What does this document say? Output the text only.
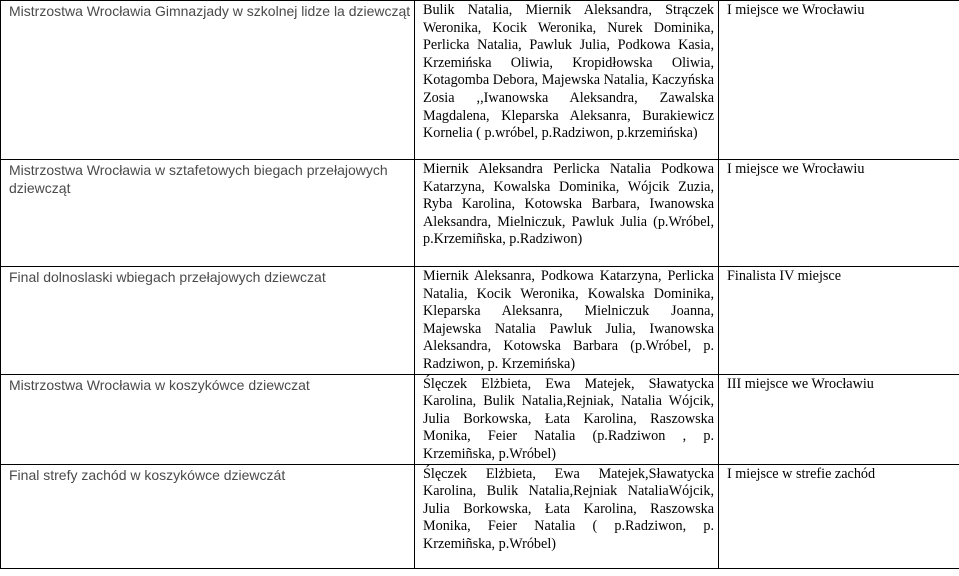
Mistrzostwa Wrocławia Gimnazjady w szkolnej lidze la dziewcząt	Bulik Natalia, Miernik Aleksandra, Strączek Weronika, Kocik Weronika, Nurek Dominika, Perlicka Natalia, Pawluk Julia, Podkowa Kasia, Krzemińska Oliwia, Kropidłowska Oliwia, Kotagomba Debora, Majewska Natalia, Kaczyńska Zosia ,,Iwanowska Aleksandra, Zawalska Magdalena, Kleparska Aleksanra, Burakiewicz Kornelia ( p.wróbel, p.Radziwon, p.krzemińska)	I miejsce we Wrocławiu
Mistrzostwa Wrocławia w sztafetowych biegach przełajowych dziewcząt	Miernik Aleksandra Perlicka Natalia Podkowa Katarzyna, Kowalska Dominika, Wójcik Zuzia, Ryba Karolina, Kotowska Barbara, Iwanowska Aleksandra, Mielniczuk, Pawluk Julia (p.Wróbel, p.Krzemiñska, p.Radziwon)	I miejsce we Wrocławiu
Final dolnoslaski wbiegach przełajowych dziewczat	Miernik Aleksanra, Podkowa Katarzyna, Perlicka Natalia, Kocik Weronika, Kowalska Dominika, Kleparska Aleksanra, Mielniczuk Joanna, Majewska Natalia Pawluk Julia, Iwanowska Aleksandra, Kotowska Barbara (p.Wróbel, p. Radziwon, p. Krzemińska)	Finalista IV miejsce
Mistrzostwa Wrocławia w koszykówce dziewczat	Ślęczek Elżbieta, Ewa Matejek, Sławatycka Karolina, Bulik Natalia,Rejniak, Natalia Wójcik, Julia Borkowska, Łata Karolina, Raszowska Monika, Feier Natalia (p.Radziwon , p. Krzemiñska, p.Wróbel)	III miejsce we Wrocławiu
Final strefy zachód w koszykówce dziewczát	Ślęczek Elżbieta, Ewa Matejek,Sławatycka Karolina, Bulik Natalia,Rejniak NataliaWójcik, Julia Borkowska, Łata Karolina, Raszowska Monika, Feier Natalia ( p.Radziwon, p. Krzemiñska, p.Wróbel)	I miejsce w strefie zachód
